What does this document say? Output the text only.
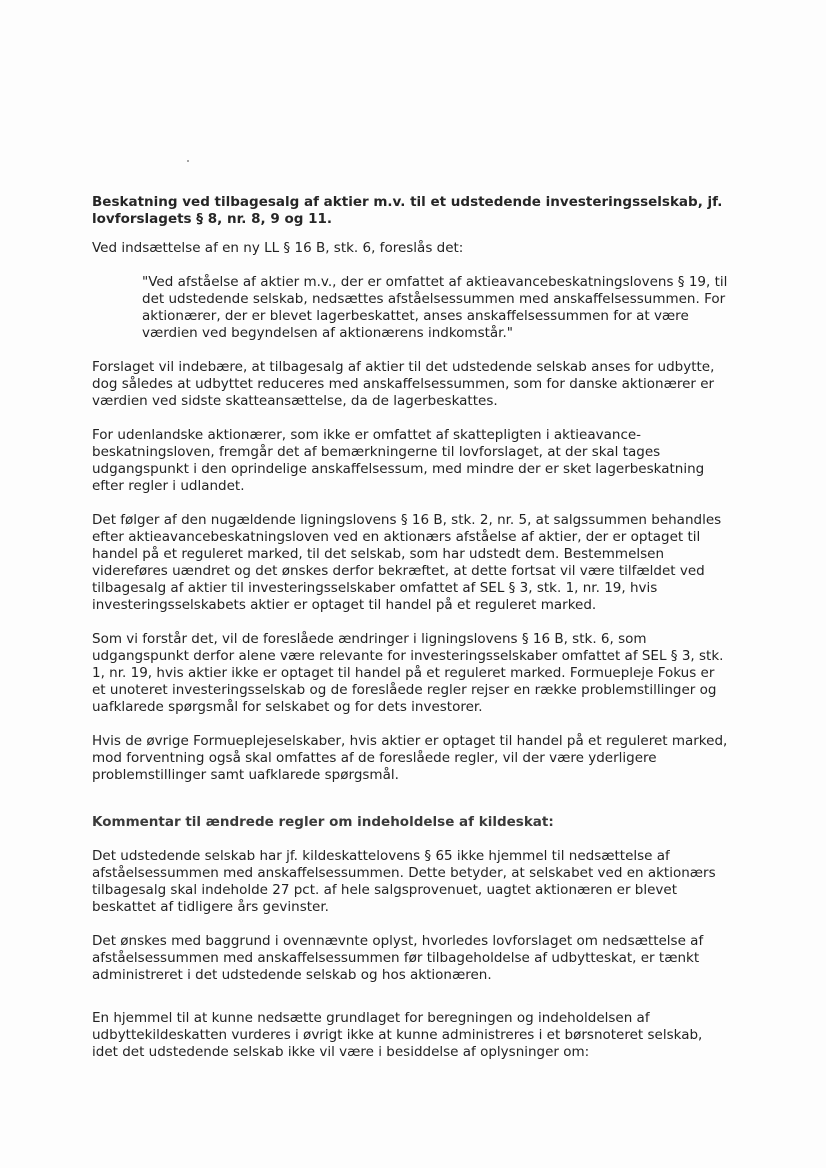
Beskatning ved tilbagesalg af aktier m.v. til et udstedende investeringsselskab, jf. lovforslagets § 8, nr. 8, 9 og 11.
Ved indsættelse af en ny LL § 16 B, stk. 6, foreslås det:
"Ved afståelse af aktier m.v., der er omfattet af aktieavancebeskatningslovens § 19, til det udstedende selskab, nedsættes afståelsessummen med anskaffelsessummen. For aktionærer, der er blevet lagerbeskattet, anses anskaffelsessummen for at være værdien ved begyndelsen af aktionærens indkomstår."
Forslaget vil indebære, at tilbagesalg af aktier til det udstedende selskab anses for udbytte, dog således at udbyttet reduceres med anskaffelsessummen, som for danske aktionærer er værdien ved sidste skatteansættelse, da de lagerbeskattes.
For udenlandske aktionærer, som ikke er omfattet af skattepligten i aktieavance-beskatningsloven, fremgår det af bemærkningerne til lovforslaget, at der skal tages udgangspunkt i den oprindelige anskaffelsessum, med mindre der er sket lagerbeskatning efter regler i udlandet.
Det følger af den nugældende ligningslovens § 16 B, stk. 2, nr. 5, at salgssummen behandles efter aktieavancebeskatningsloven ved en aktionærs afståelse af aktier, der er optaget til handel på et reguleret marked, til det selskab, som har udstedt dem. Bestemmelsen videreføres uændret og det ønskes derfor bekræftet, at dette fortsat vil være tilfældet ved tilbagesalg af aktier til investeringsselskaber omfattet af SEL § 3, stk. 1, nr. 19, hvis investeringsselskabets aktier er optaget til handel på et reguleret marked.
Som vi forstår det, vil de foreslåede ændringer i ligningslovens § 16 B, stk. 6, som udgangspunkt derfor alene være relevante for investeringsselskaber omfattet af SEL § 3, stk. 1, nr. 19, hvis aktier ikke er optaget til handel på et reguleret marked. Formuepleje Fokus er et unoteret investeringsselskab og de foreslåede regler rejser en række problemstillinger og uafklarede spørgsmål for selskabet og for dets investorer.
Hvis de øvrige Formueplejeselskaber, hvis aktier er optaget til handel på et reguleret marked, mod forventning også skal omfattes af de foreslåede regler, vil der være yderligere problemstillinger samt uafklarede spørgsmål.
Kommentar til ændrede regler om indeholdelse af kildeskat:
Det udstedende selskab har jf. kildeskattelovens § 65 ikke hjemmel til nedsættelse af afståelsessummen med anskaffelsessummen. Dette betyder, at selskabet ved en aktionærs tilbagesalg skal indeholde 27 pct. af hele salgsprovenuet, uagtet aktionæren er blevet beskattet af tidligere års gevinster.
Det ønskes med baggrund i ovennævnte oplyst, hvorledes lovforslaget om nedsættelse af afståelsessummen med anskaffelsessummen før tilbageholdelse af udbytteskat, er tænkt administreret i det udstedende selskab og hos aktionæren.
En hjemmel til at kunne nedsætte grundlaget for beregningen og indeholdelsen af udbyttekildeskatten vurderes i øvrigt ikke at kunne administreres i et børsnoteret selskab, idet det udstedende selskab ikke vil være i besiddelse af oplysninger om:
